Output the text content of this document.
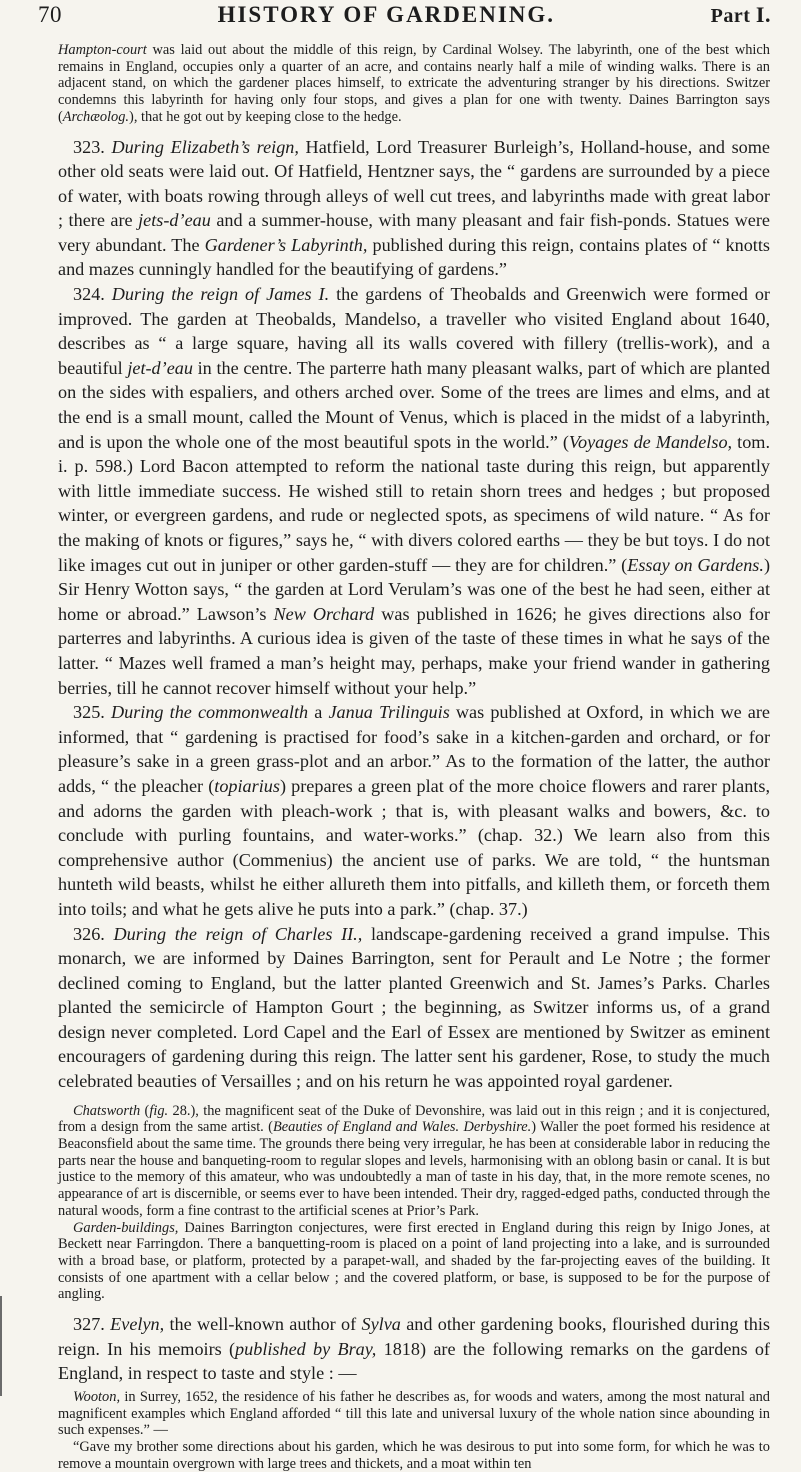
70	HISTORY OF GARDENING.	Part I.

Hampton-court was laid out about the middle of this reign, by Cardinal Wolsey. The labyrinth, one of the best which remains in England, occupies only a quarter of an acre, and contains nearly half a mile of winding walks. There is an adjacent stand, on which the gardener places himself, to extricate the adventuring stranger by his directions. Switzer condemns this labyrinth for having only four stops, and gives a plan for one with twenty. Daines Barrington says (Archæolog.), that he got out by keeping close to the hedge.

323. During Elizabeth’s reign, Hatfield, Lord Treasurer Burleigh’s, Holland-house, and some other old seats were laid out. Of Hatfield, Hentzner says, the “ gardens are surrounded by a piece of water, with boats rowing through alleys of well cut trees, and labyrinths made with great labor ; there are jets-d’eau and a summer-house, with many pleasant and fair fish-ponds. Statues were very abundant. The Gardener’s Labyrinth, published during this reign, contains plates of “ knotts and mazes cunningly handled for the beautifying of gardens.”

324. During the reign of James I. the gardens of Theobalds and Greenwich were formed or improved. The garden at Theobalds, Mandelso, a traveller who visited England about 1640, describes as “ a large square, having all its walls covered with fillery (trellis-work), and a beautiful jet-d’eau in the centre. The parterre hath many pleasant walks, part of which are planted on the sides with espaliers, and others arched over. Some of the trees are limes and elms, and at the end is a small mount, called the Mount of Venus, which is placed in the midst of a labyrinth, and is upon the whole one of the most beautiful spots in the world.” (Voyages de Mandelso, tom. i. p. 598.) Lord Bacon attempted to reform the national taste during this reign, but apparently with little immediate success. He wished still to retain shorn trees and hedges ; but proposed winter, or evergreen gardens, and rude or neglected spots, as specimens of wild nature. “ As for the making of knots or figures,” says he, “ with divers colored earths — they be but toys. I do not like images cut out in juniper or other garden-stuff — they are for children.” (Essay on Gardens.) Sir Henry Wotton says, “ the garden at Lord Verulam’s was one of the best he had seen, either at home or abroad.” Lawson’s New Orchard was published in 1626; he gives directions also for parterres and labyrinths. A curious idea is given of the taste of these times in what he says of the latter. “ Mazes well framed a man’s height may, perhaps, make your friend wander in gathering berries, till he cannot recover himself without your help.”

325. During the commonwealth a Janua Trilinguis was published at Oxford, in which we are informed, that “ gardening is practised for food’s sake in a kitchen-garden and orchard, or for pleasure’s sake in a green grass-plot and an arbor.” As to the formation of the latter, the author adds, “ the pleacher (topiarius) prepares a green plat of the more choice flowers and rarer plants, and adorns the garden with pleach-work ; that is, with pleasant walks and bowers, &c. to conclude with purling fountains, and water-works.” (chap. 32.) We learn also from this comprehensive author (Commenius) the ancient use of parks. We are told, “ the huntsman hunteth wild beasts, whilst he either allureth them into pitfalls, and killeth them, or forceth them into toils; and what he gets alive he puts into a park.” (chap. 37.)

326. During the reign of Charles II., landscape-gardening received a grand impulse. This monarch, we are informed by Daines Barrington, sent for Perault and Le Notre ; the former declined coming to England, but the latter planted Greenwich and St. James’s Parks. Charles planted the semicircle of Hampton Gourt ; the beginning, as Switzer informs us, of a grand design never completed. Lord Capel and the Earl of Essex are mentioned by Switzer as eminent encouragers of gardening during this reign. The latter sent his gardener, Rose, to study the much celebrated beauties of Versailles ; and on his return he was appointed royal gardener.

Chatsworth (fig. 28.), the magnificent seat of the Duke of Devonshire, was laid out in this reign ; and it is conjectured, from a design from the same artist. (Beauties of England and Wales. Derbyshire.) Waller the poet formed his residence at Beaconsfield about the same time. The grounds there being very irregular, he has been at considerable labor in reducing the parts near the house and banqueting-room to regular slopes and levels, harmonising with an oblong basin or canal. It is but justice to the memory of this amateur, who was undoubtedly a man of taste in his day, that, in the more remote scenes, no appearance of art is discernible, or seems ever to have been intended. Their dry, ragged-edged paths, conducted through the natural woods, form a fine contrast to the artificial scenes at Prior’s Park.

Garden-buildings, Daines Barrington conjectures, were first erected in England during this reign by Inigo Jones, at Beckett near Farringdon. There a banquetting-room is placed on a point of land projecting into a lake, and is surrounded with a broad base, or platform, protected by a parapet-wall, and shaded by the far-projecting eaves of the building. It consists of one apartment with a cellar below ; and the covered platform, or base, is supposed to be for the purpose of angling.

327. Evelyn, the well-known author of Sylva and other gardening books, flourished during this reign. In his memoirs (published by Bray, 1818) are the following remarks on the gardens of England, in respect to taste and style : —

Wooton, in Surrey, 1652, the residence of his father he describes as, for woods and waters, among the most natural and magnificent examples which England afforded “ till this late and universal luxury of the whole nation since abounding in such expenses.” —

“Gave my brother some directions about his garden, which he was desirous to put into some form, for which he was to remove a mountain overgrown with large trees and thickets, and a moat within ten
